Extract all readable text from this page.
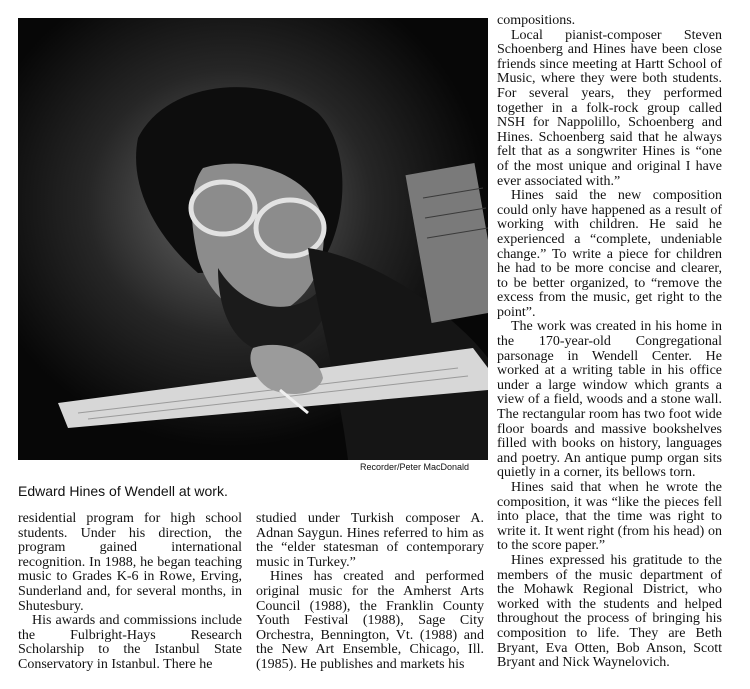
Recorder/Peter MacDonald
Edward Hines of Wendell at work.

residential program for high school students. Under his direction, the program gained international recognition. In 1988, he began teaching music to Grades K-6 in Rowe, Erving, Sunderland and, for several months, in Shutesbury.

His awards and commissions include the Fulbright-Hays Research Scholarship to the Istanbul State Conservatory in Istanbul. There he

studied under Turkish composer A. Adnan Saygun. Hines referred to him as the “elder statesman of contemporary music in Turkey.”

Hines has created and performed original music for the Amherst Arts Council (1988), the Franklin County Youth Festival (1988), Sage City Orchestra, Bennington, Vt. (1988) and the New Art Ensemble, Chicago, Ill. (1985). He publishes and markets his

compositions.

Local pianist-composer Steven Schoenberg and Hines have been close friends since meeting at Hartt School of Music, where they were both students. For several years, they performed together in a folk-rock group called NSH for Nappolillo, Schoenberg and Hines. Schoenberg said that he always felt that as a songwriter Hines is “one of the most unique and original I have ever associated with.”

Hines said the new composition could only have happened as a result of working with children. He said he experienced a “complete, undeniable change.” To write a piece for children he had to be more concise and clearer, to be better organized, to “remove the excess from the music, get right to the point”.

The work was created in his home in the 170-year-old Congregational parsonage in Wendell Center. He worked at a writing table in his office under a large window which grants a view of a field, woods and a stone wall. The rectangular room has two foot wide floor boards and massive bookshelves filled with books on history, languages and poetry. An antique pump organ sits quietly in a corner, its bellows torn.

Hines said that when he wrote the composition, it was “like the pieces fell into place, that the time was right to write it. It went right (from his head) on to the score paper.”

Hines expressed his gratitude to the members of the music department of the Mohawk Regional District, who worked with the students and helped throughout the process of bringing his composition to life. They are Beth Bryant, Eva Otten, Bob Anson, Scott Bryant and Nick Waynelovich.
